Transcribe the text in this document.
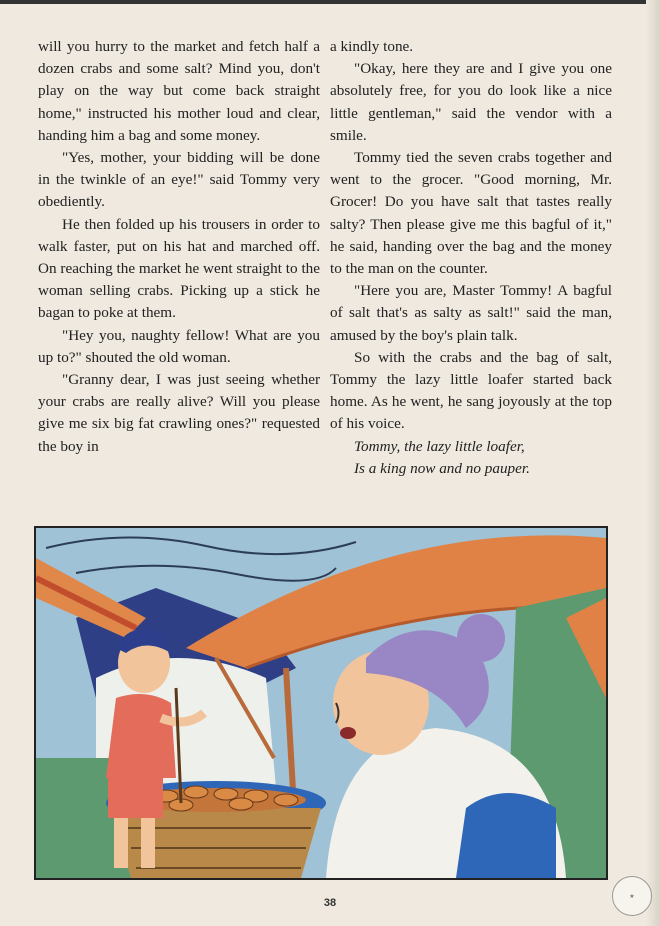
will you hurry to the market and fetch half a dozen crabs and some salt? Mind you, don't play on the way but come back straight home," instructed his mother loud and clear, handing him a bag and some money.

"Yes, mother, your bidding will be done in the twinkle of an eye!" said Tommy very obediently.

He then folded up his trousers in order to walk faster, put on his hat and marched off. On reaching the market he went straight to the woman selling crabs. Picking up a stick he bagan to poke at them.

"Hey you, naughty fellow! What are you up to?" shouted the old woman.

"Granny dear, I was just seeing whether your crabs are really alive? Will you please give me six big fat crawling ones?" requested the boy in

a kindly tone.

"Okay, here they are and I give you one absolutely free, for you do look like a nice little gentleman," said the vendor with a smile.

Tommy tied the seven crabs together and went to the grocer. "Good morning, Mr. Grocer! Do you have salt that tastes really salty? Then please give me this bagful of it," he said, handing over the bag and the money to the man on the counter.

"Here you are, Master Tommy! A bagful of salt that's as salty as salt!" said the man, amused by the boy's plain talk.

So with the crabs and the bag of salt, Tommy the lazy little loafer started back home. As he went, he sang joyously at the top of his voice.

Tommy, the lazy little loafer,

Is a king now and no pauper.

38
★
